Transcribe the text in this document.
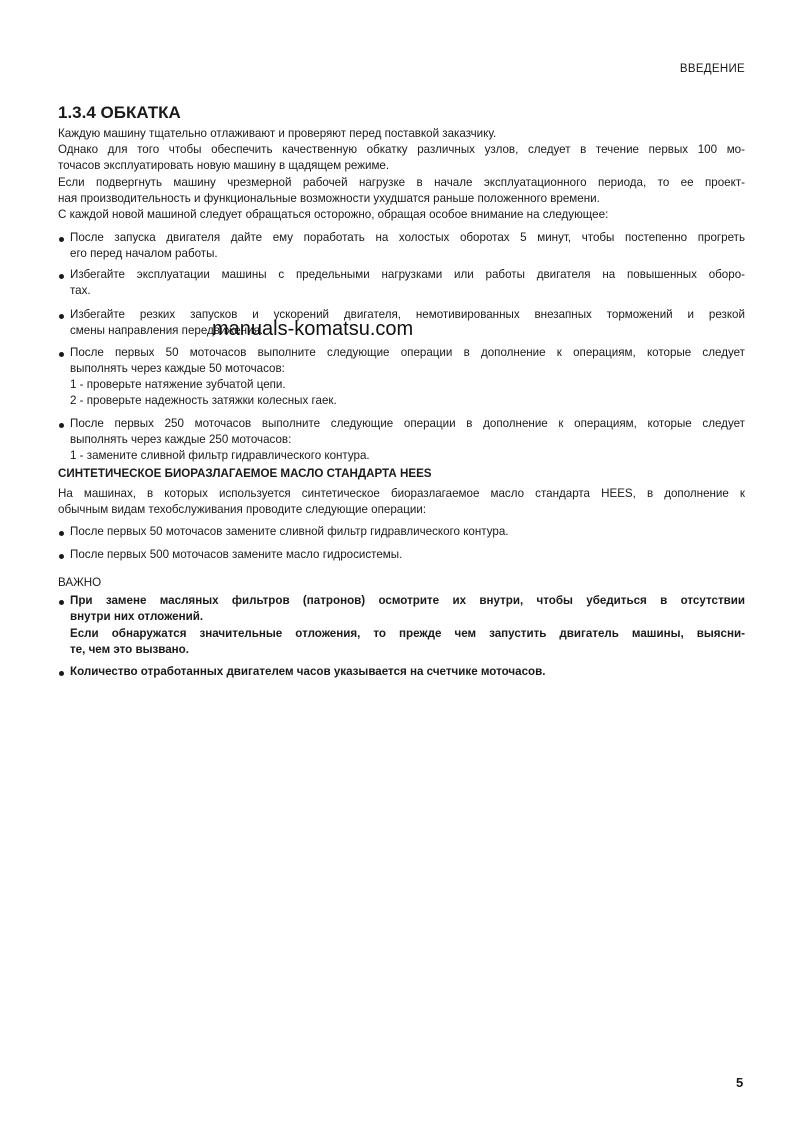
ВВЕДЕНИЕ
1.3.4 ОБКАТКА
Каждую машину тщательно отлаживают и проверяют перед поставкой заказчику.
Однако для того чтобы обеспечить качественную обкатку различных узлов, следует в течение первых 100 мо-
точасов эксплуатировать новую машину в щадящем режиме.
Если подвергнуть машину чрезмерной рабочей нагрузке в начале эксплуатационного периода, то ее проект-
ная производительность и функциональные возможности ухудшатся раньше положенного времени.
С каждой новой машиной следует обращаться осторожно, обращая особое внимание на следующее:
После запуска двигателя дайте ему поработать на холостых оборотах 5 минут, чтобы постепенно прогреть
его перед началом работы.
Избегайте эксплуатации машины с предельными нагрузками или работы двигателя на повышенных оборо-
тах.
Избегайте резких запусков и ускорений двигателя, немотивированных внезапных торможений и резкой
смены направления передвижения.
После первых 50 моточасов выполните следующие операции в дополнение к операциям, которые следует
выполнять через каждые 50 моточасов:
1 - проверьте натяжение зубчатой цепи.
2 - проверьте надежность затяжки колесных гаек.
После первых 250 моточасов выполните следующие операции в дополнение к операциям, которые следует
выполнять через каждые 250 моточасов:
1 - замените сливной фильтр гидравлического контура.
СИНТЕТИЧЕСКОЕ БИОРАЗЛАГАЕМОЕ МАСЛО СТАНДАРТА HEES
На машинах, в которых используется синтетическое биоразлагаемое масло стандарта HEES, в дополнение к
обычным видам техобслуживания проводите следующие операции:
После первых 50 моточасов замените сливной фильтр гидравлического контура.
После первых 500 моточасов замените масло гидросистемы.
ВАЖНО
При замене масляных фильтров (патронов) осмотрите их внутри, чтобы убедиться в отсутствии
внутри них отложений.
Если обнаружатся значительные отложения, то прежде чем запустить двигатель машины, выясни-
те, чем это вызвано.
Количество отработанных двигателем часов указывается на счетчике моточасов.
manuals-komatsu.com
5
